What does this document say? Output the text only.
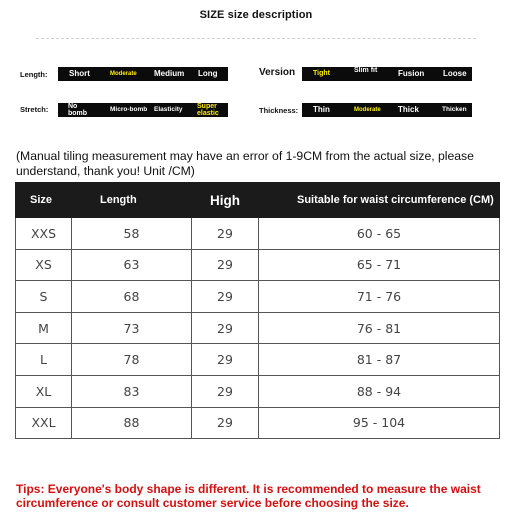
SIZE size description
Length:	Short	Moderate Medium Long	Version	Tight	Slim fit	Fusion Loose
Stretch:	No bomb
Micro-bomb Elasticity Super elastic	Thickness: Thin	Moderate Thick	Thicken
(Manual tiling measurement may have an error of 1-9CM from the actual size, please understand, thank you! Unit /CM)
Size	Length	High	Suitable for waist circumference (CM)
XXS	58	29	60 - 65
XS	63	29	65 - 71
S	68	29	71 - 76
M	73	29	76 - 81
L	78	29	81 - 87
XL	83	29	88 - 94
XXL	88	29	95 - 104
Tips: Everyone's body shape is different. It is recommended to measure the waist circumference or consult customer service before choosing the size.
